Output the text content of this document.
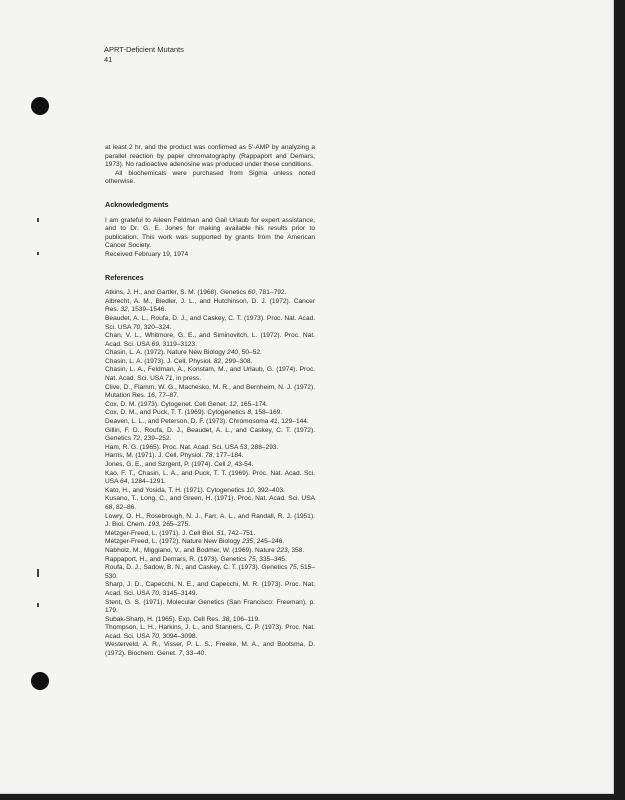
APRT-Deficient Mutants
41

at least 2 hr, and the product was confirmed as 5′-AMP by analyzing a parallel reaction by paper chromatography (Rappaport and Demars, 1973). No radioactive adenosine was produced under these conditions.

All biochemicals were purchased from Sigma unless noted otherwise.

Acknowledgments

I am grateful to Aileen Feldman and Gail Urlaub for expert assistance, and to Dr. G. E. Jones for making available his results prior to publication. This work was supported by grants from the American Cancer Society.

Received February 19, 1974

References

Atkins, J. H., and Gartler, S. M. (1968). Genetics 60, 781–792.

Albrecht, A. M., Biedler, J. L., and Hutchinson, D. J. (1972). Cancer Res. 32, 1539–1546.

Beaudet, A. L., Roufa, D. J., and Caskey, C. T. (1973). Proc. Nat. Acad. Sci. USA 70, 320–324.

Chan, V. L., Whitmore, G. E., and Siminovitch, L. (1972). Proc. Nat. Acad. Sci. USA 69, 3119–3123.

Chasin, L. A. (1972). Nature New Biology 240, 50–52.

Chasin, L. A. (1973). J. Cell. Physiol. 82, 299–308.

Chasin, L. A., Feldman, A., Konstam, M., and Urlaub, G. (1974). Proc. Nat. Acad. Sci. USA 71, in press.

Clive, D., Flamm, W. G., Machesko, M. R., and Bernheim, N. J. (1972). Mutation Res. 16, 77–87.

Cox, D. M. (1973). Cytogenet. Cell Genet. 12, 165–174.

Cox, D. M., and Puck, T. T. (1969). Cytogenetics 8, 158–169.

Deaven, L. L., and Peterson, D. F. (1973). Chromosoma 41, 129–144.

Gillin, F. D., Roufa, D. J., Beaudet, A. L., and Caskey, C. T. (1972). Genetics 72, 239–252.

Ham, R. G. (1965). Proc. Nat. Acad. Sci. USA 53, 288–293.

Harris, M. (1971). J. Cell. Physiol. 78, 177–184.

Jones, G. E., and Szrgent, P. (1974). Cell 2, 43-54.

Kao, F. T., Chasin, L. A., and Puck, T. T. (1969). Proc. Nat. Acad. Sci. USA 64, 1284–1291.

Kato, H., and Yosida, T. H. (1971). Cytogenetics 10, 392–403.

Kusano, T., Long, C., and Green, H. (1971). Proc. Nat. Acad. Sci. USA 68, 82–86.

Lowry, O. H., Rosebrough, N. J., Farr, A. L., and Randall, R. J. (1951). J. Biol. Chem. 193, 265–275.

Metzger-Freed, L. (1971). J. Cell Biol. 51, 742–751.

Metzger-Freed, L. (1972). Nature New Biology 235, 245–246.

Nabholz, M., Miggiano, V., and Bodmer, W. (1969). Nature 223, 358.

Rappaport, H., and Demars, R. (1973). Genetics 75, 335–345.

Roufa, D. J., Sadow, B. N., and Caskey, C. T. (1973). Genetics 75, 515–530.

Sharp, J. D., Capecchi, N. E., and Capecchi, M. R. (1973). Proc. Nat. Acad. Sci. USA 70, 3145–3149.

Stent, G. S. (1971). Molecular Genetics (San Francisco: Freeman), p. 179.

Subak-Sharp, H. (1965). Exp. Cell Res. 38, 106–119.

Thompson, L. H., Harkins, J. L., and Stanners, C. P. (1973). Proc. Nat. Acad. Sci. USA 70, 3094–3098.

Westerveld, A. R., Visser, P. L. S., Freeke, M. A., and Bootsma, D. (1972). Biochem. Genet. 7, 33–40.
